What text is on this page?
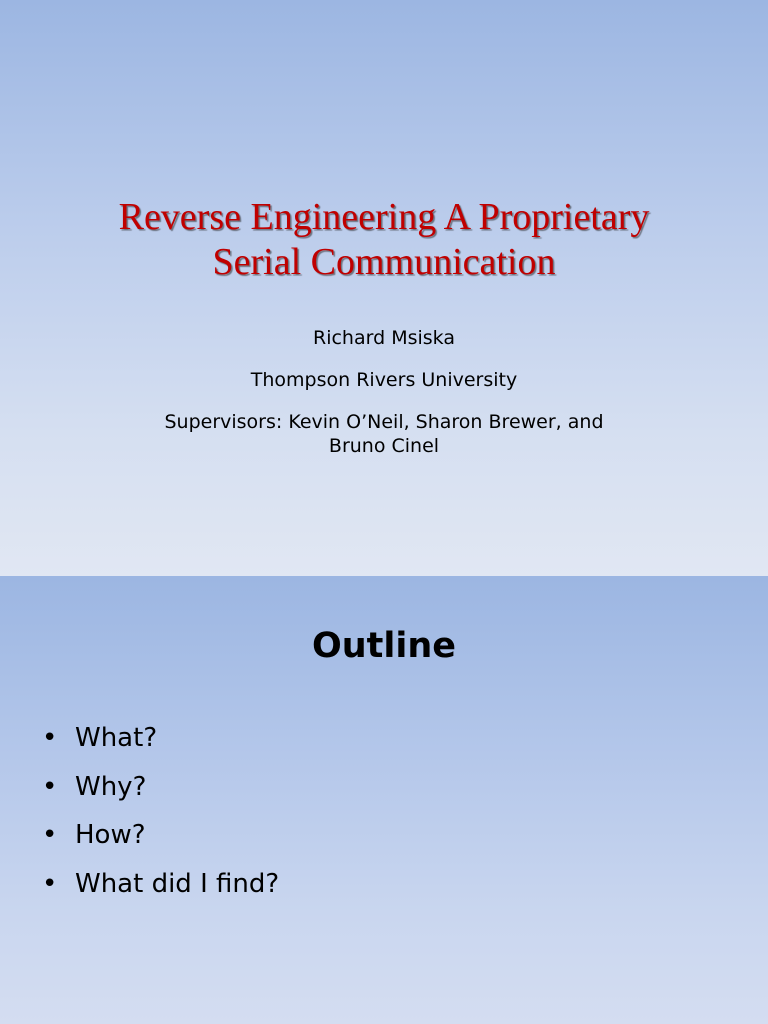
Reverse Engineering A Proprietary
Serial Communication
Richard Msiska
Thompson Rivers University
Supervisors: Kevin O’Neil, Sharon Brewer, and
Bruno Cinel
Outline
• What?
• Why?
• How?
• What did I find?
